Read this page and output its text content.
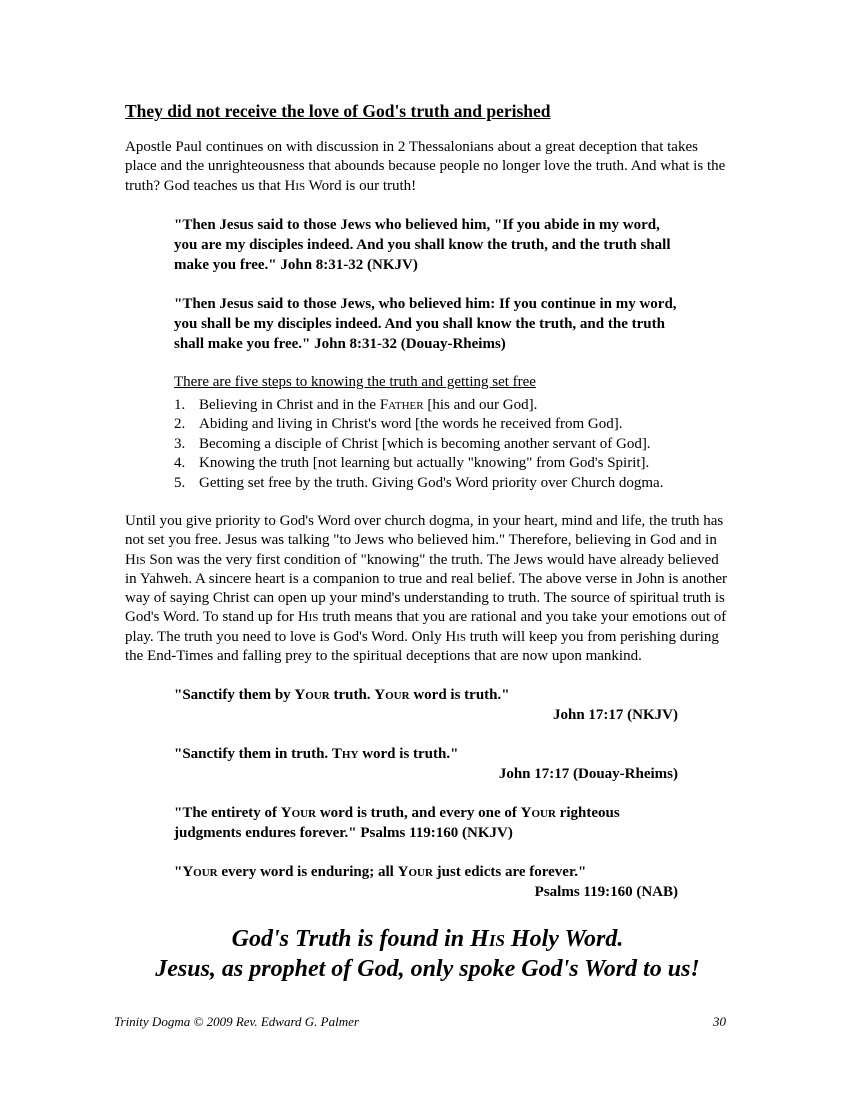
They did not receive the love of God's truth and perished

Apostle Paul continues on with discussion in 2 Thessalonians about a great deception that takes place and the unrighteousness that abounds because people no longer love the truth. And what is the truth? God teaches us that His Word is our truth!

"Then Jesus said to those Jews who believed him, "If you abide in my word, you are my disciples indeed. And you shall know the truth, and the truth shall make you free." John 8:31-32 (NKJV)

"Then Jesus said to those Jews, who believed him: If you continue in my word, you shall be my disciples indeed. And you shall know the truth, and the truth shall make you free." John 8:31-32 (Douay-Rheims)

There are five steps to knowing the truth and getting set free

1. Believing in Christ and in the Father [his and our God].
2. Abiding and living in Christ's word [the words he received from God].
3. Becoming a disciple of Christ [which is becoming another servant of God].
4. Knowing the truth [not learning but actually "knowing" from God's Spirit].
5. Getting set free by the truth. Giving God's Word priority over Church dogma.

Until you give priority to God's Word over church dogma, in your heart, mind and life, the truth has not set you free. Jesus was talking "to Jews who believed him." Therefore, believing in God and in His Son was the very first condition of "knowing" the truth. The Jews would have already believed in Yahweh. A sincere heart is a companion to true and real belief. The above verse in John is another way of saying Christ can open up your mind's understanding to truth. The source of spiritual truth is God's Word. To stand up for His truth means that you are rational and you take your emotions out of play. The truth you need to love is God's Word. Only His truth will keep you from perishing during the End-Times and falling prey to the spiritual deceptions that are now upon mankind.

"Sanctify them by Your truth. Your word is truth."

John 17:17 (NKJV)

"Sanctify them in truth. Thy word is truth."

John 17:17 (Douay-Rheims)

"The entirety of Your word is truth, and every one of Your righteous judgments endures forever." Psalms 119:160 (NKJV)

"Your every word is enduring; all Your just edicts are forever."

Psalms 119:160 (NAB)

God's Truth is found in His Holy Word.

Jesus, as prophet of God, only spoke God's Word to us!

Trinity Dogma © 2009 Rev. Edward G. Palmer	30
